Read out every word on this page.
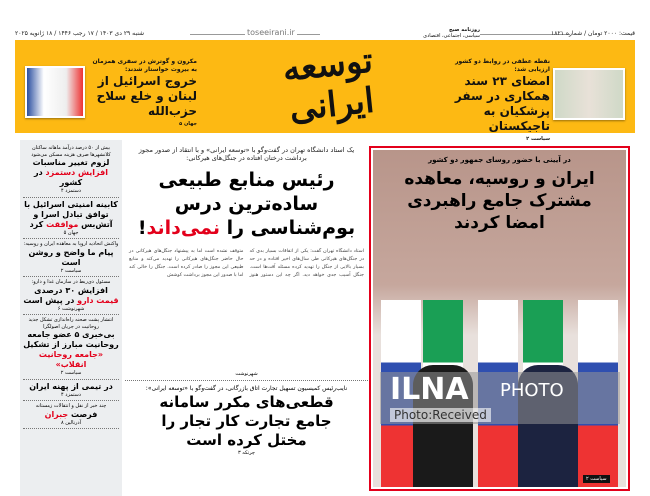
قیمت: ۲۰۰۰ تومان / شماره ۱۸۲۱
شنبه ۲۹ دی ۱۴۰۳ / ۱۷ رجب ۱۴۴۶ / ۱۸ ژانویه ۲۰۲۵	toseeirani.ir	روزنامه صبح
سیاسی، اجتماعی، اقتصادی
توسعه ایرانی
نقطه عطفی در روابط دو کشور ارزیابی شد:
امضای ۲۳ سند همکاری در سفر پزشکیان به تاجیکستان
سیاست ۲
مکرون و گوترش در سفری همزمان به بیروت خواستار شدند:
خروج اسرائیل از لبنان و خلع سلاح حزب‌الله
جهان ۵
بیش از ۵۰ درصد درآمد ماهانه ساکنان کلانشهرها صرف هزینه مسکن می‌شود
لزوم تغییر مناسبات افزایش دستمزد در کشور
دستمزد ۴
کابینه امنیتی اسرائیل با توافق تبادل اسرا و آتش‌بس موافقت کرد
جهان ۵
واکنش اتحادیه اروپا به معاهده ایران و روسیه:
پیام ما واضح و روشن است
سیاست ۲
مسئول ذی‌ربط در سازمان غذا و دارو:
افزایش ۳۰ درصدی قیمت دارو در پیش است
شهرنوشت ۶
انتشار پشت صحنه راه‌اندازی تشکل جدید روحانیت در جریان اصولگرا
بی‌خبری ۵ عضو جامعه روحانیت مبارز از تشکیل «جامعه روحانیت انقلاب»
سیاست ۲
در تیمی از پهنه ایران
دستمزد ۴
چند خبر از نقل و انتقالات زمستانه
فرصت جبران
آدرنالین ۸
یک استاد دانشگاه تهران در گفت‌وگو با «توسعه ایرانی» و با انتقاد از صدور مجوز برداشت درختان افتاده در جنگل‌های هیرکانی:
رئیس منابع طبیعی ساده‌ترین درس بوم‌شناسی را نمی‌داند!
استاد دانشگاه تهران گفت: یکی از اتفاقات بسیار بدی که در جنگل‌های هیرکانی طی سال‌های اخیر افتاده و در حد بسیار بالایی از جنگل را تهدید کرده مسئله آفت‌ها است. جنگل آسیب جدی خواهد دید. اگر چه این دستور هنوز متوقف نشده است اما به پیشنهاد جنگل‌های هیرکانی در حال حاضر جنگل‌های هیرکانی را تهدید می‌کند و منابع طبیعی این مجوز را صادر کرده است. جنگل را خالی کند اما با صدور این مجوز برداشت کوشش
شهرنوشت
نایب‌رئیس کمیسیون تسهیل تجارت اتاق بازرگانی، در گفت‌وگو با «توسعه ایرانی»:
قطعی‌های مکرر سامانه جامع تجارت کار تجار را مختل کرده است
چرتکه ۳
در آیینی با حضور روسای جمهور دو کشور
ایران و روسیه، معاهده مشترک جامع راهبردی امضا کردند
سیاست ۲
ILNA PHOTO
Photo:Received
